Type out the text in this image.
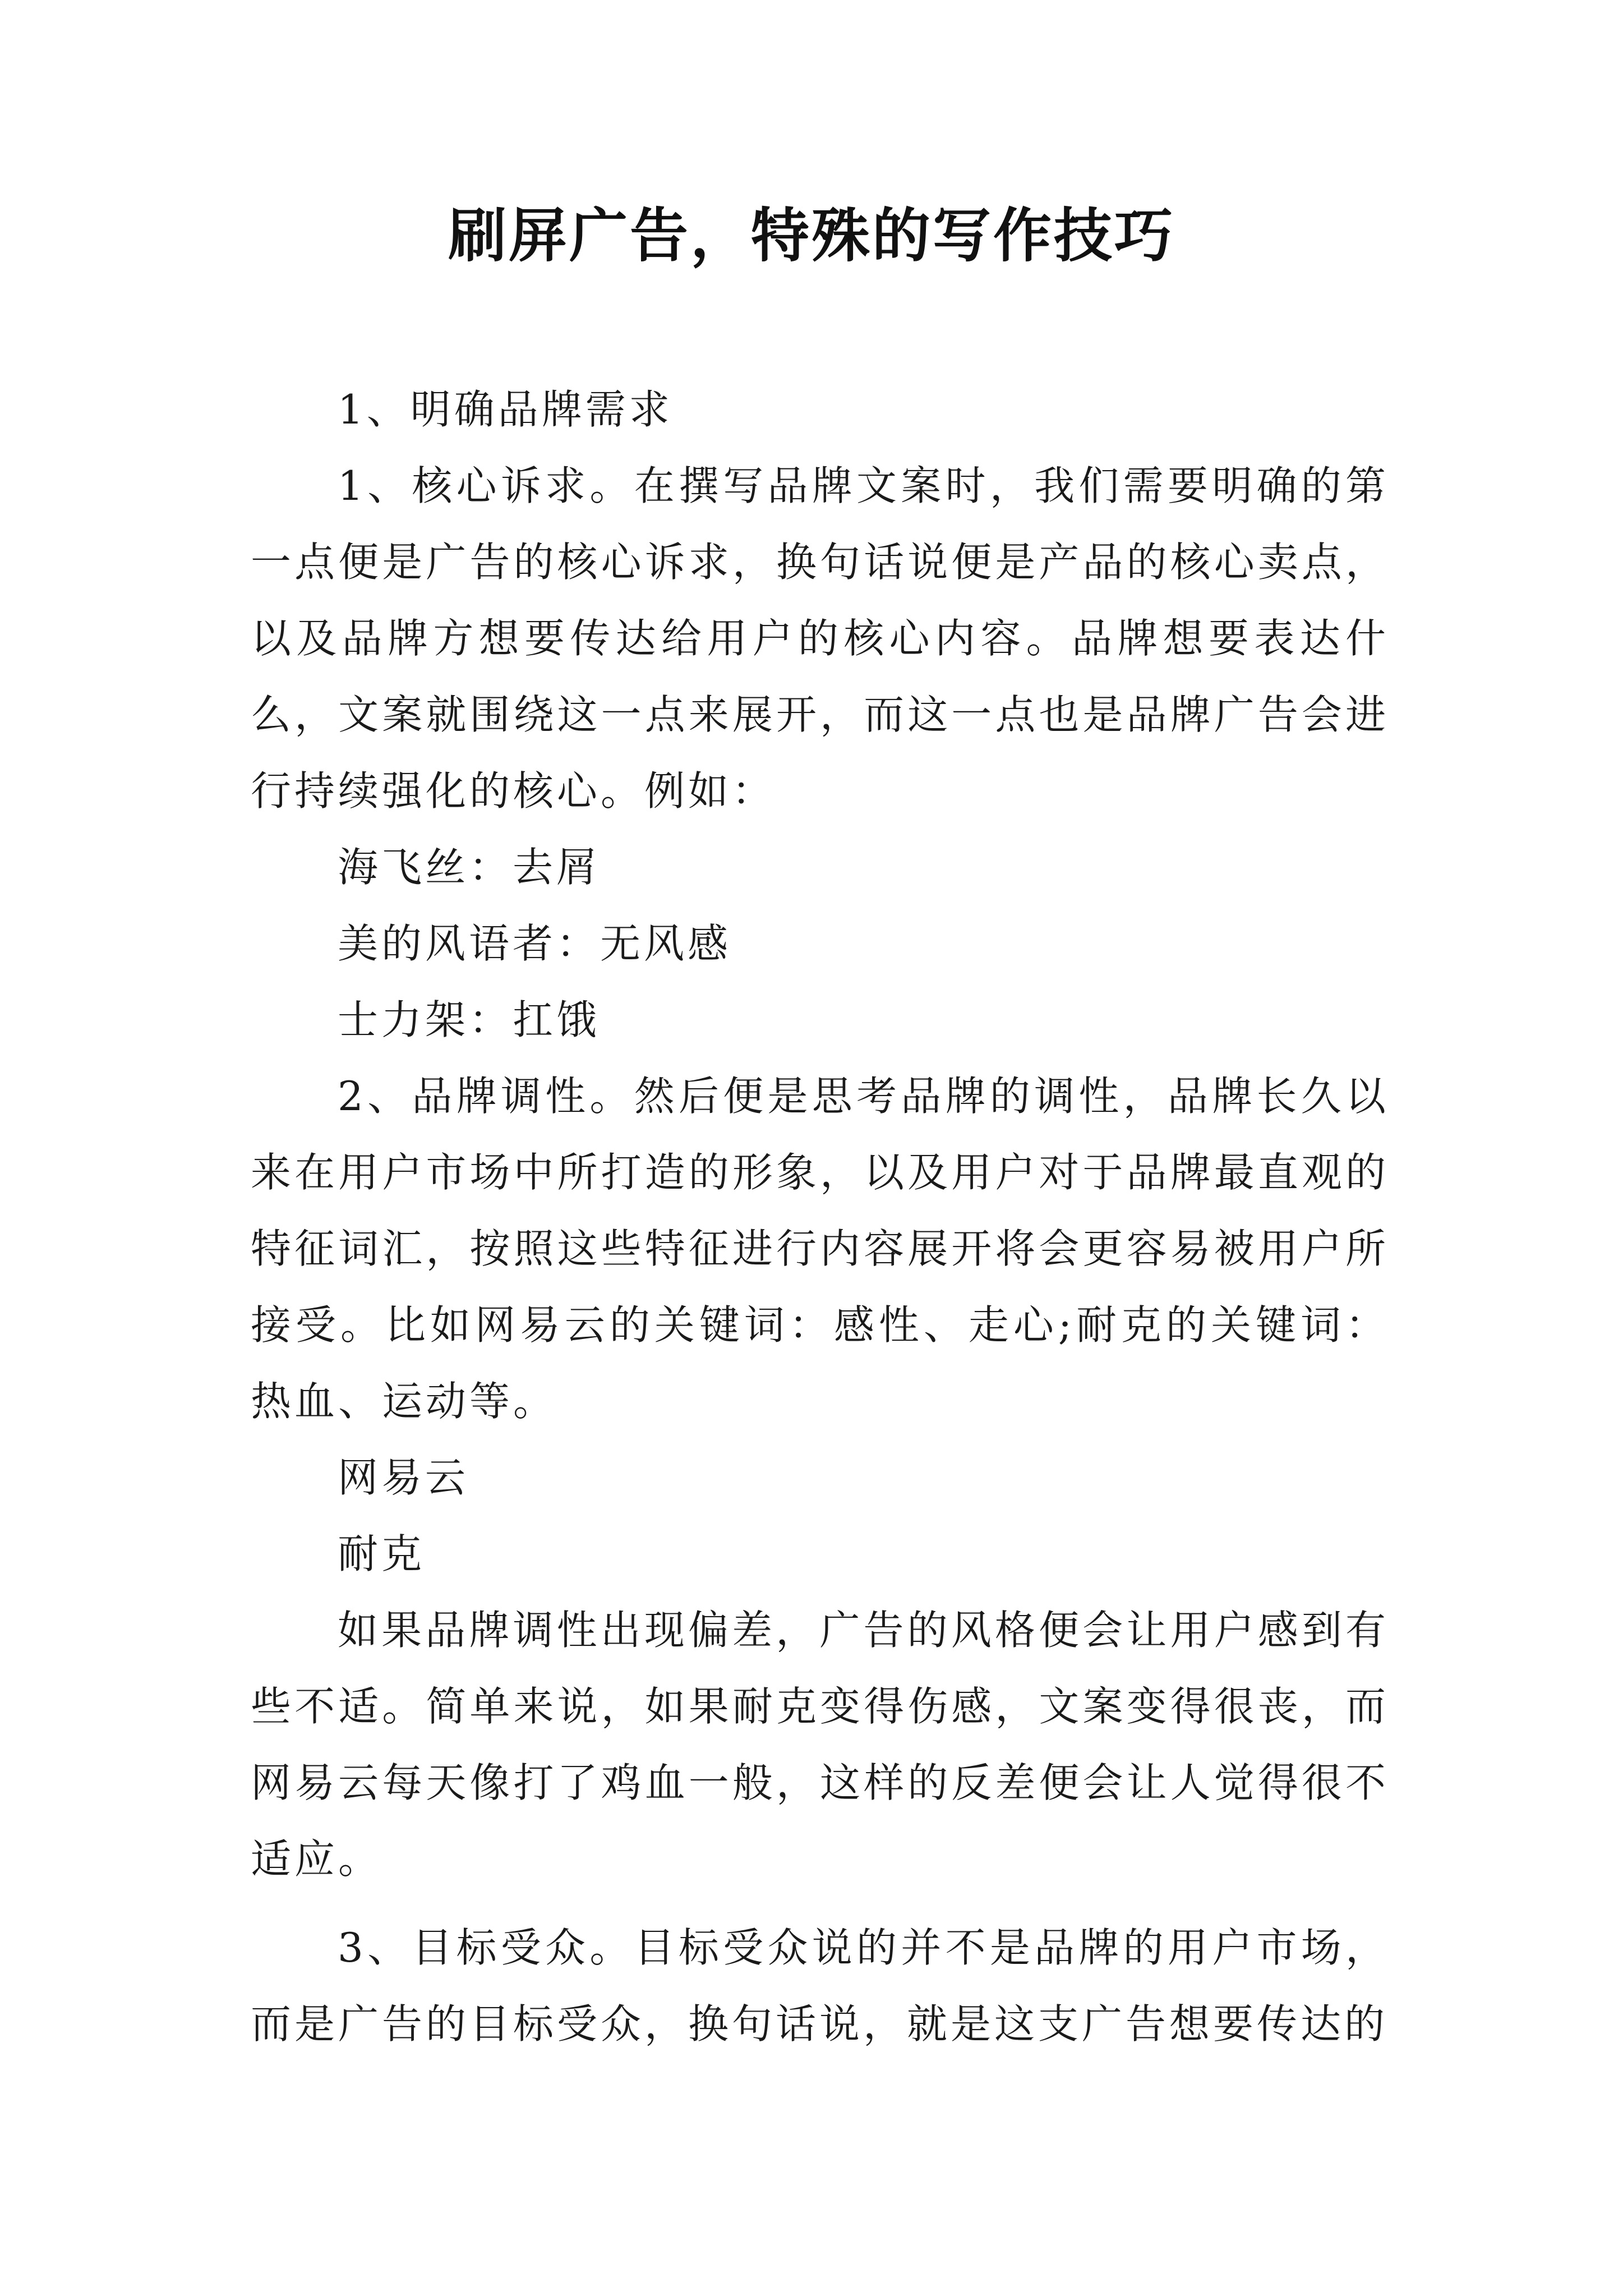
刷屏广告，特殊的写作技巧

1、明确品牌需求

1、核心诉求。在撰写品牌文案时，我们需要明确的第一点便是广告的核心诉求，换句话说便是产品的核心卖点，以及品牌方想要传达给用户的核心内容。品牌想要表达什么，文案就围绕这一点来展开，而这一点也是品牌广告会进行持续强化的核心。例如：

海飞丝：去屑

美的风语者：无风感

士力架：扛饿

2、品牌调性。然后便是思考品牌的调性，品牌长久以来在用户市场中所打造的形象，以及用户对于品牌最直观的特征词汇，按照这些特征进行内容展开将会更容易被用户所接受。比如网易云的关键词：感性、走心;耐克的关键词：热血、运动等。

网易云

耐克

如果品牌调性出现偏差，广告的风格便会让用户感到有些不适。简单来说，如果耐克变得伤感，文案变得很丧，而网易云每天像打了鸡血一般，这样的反差便会让人觉得很不适应。

3、目标受众。目标受众说的并不是品牌的用户市场，而是广告的目标受众，换句话说，就是这支广告想要传达的
